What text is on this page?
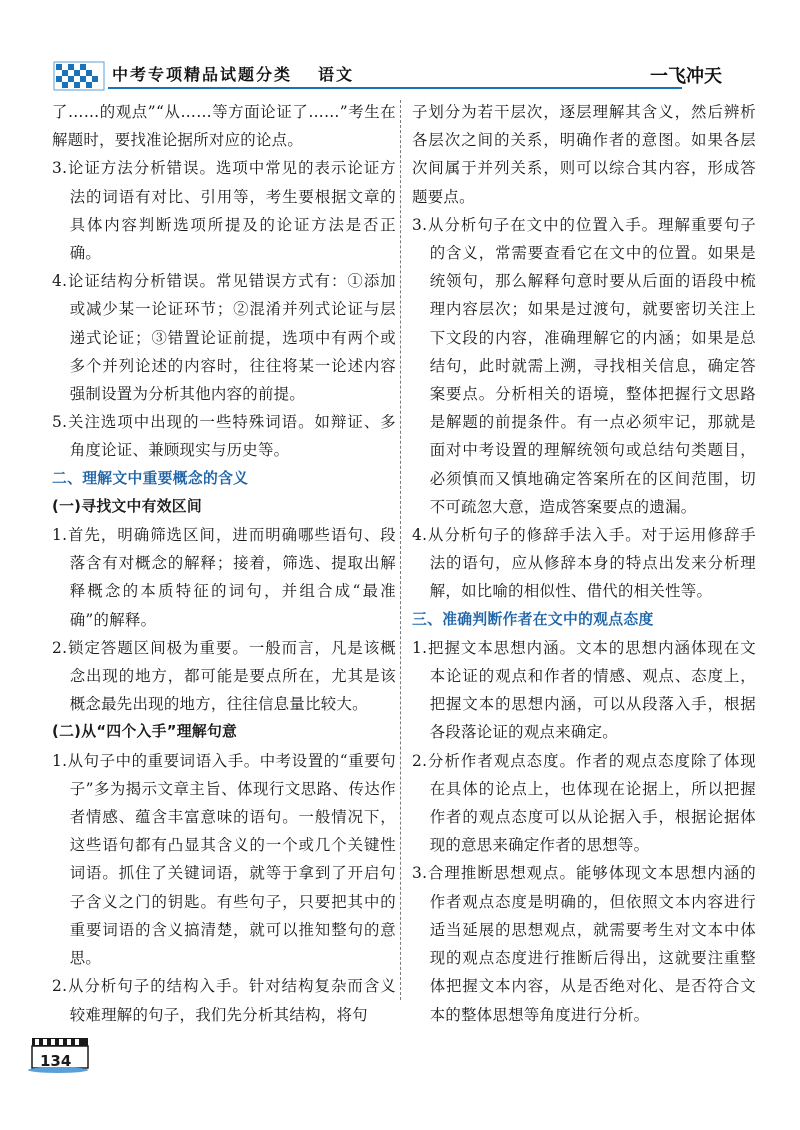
中考专项精品试题分类 语文	一飞冲天

了……的观点”“从……等方面论证了……”考生在解题时，要找准论据所对应的论点。

3.论证方法分析错误。选项中常见的表示论证方法的词语有对比、引用等，考生要根据文章的具体内容判断选项所提及的论证方法是否正确。

4.论证结构分析错误。常见错误方式有：①添加或减少某一论证环节；②混淆并列式论证与层递式论证；③错置论证前提，选项中有两个或多个并列论述的内容时，往往将某一论述内容强制设置为分析其他内容的前提。

5.关注选项中出现的一些特殊词语。如辩证、多角度论证、兼顾现实与历史等。

二、理解文中重要概念的含义

(一)寻找文中有效区间

1.首先，明确筛选区间，进而明确哪些语句、段落含有对概念的解释；接着，筛选、提取出解释概念的本质特征的词句，并组合成“最准确”的解释。

2.锁定答题区间极为重要。一般而言，凡是该概念出现的地方，都可能是要点所在，尤其是该概念最先出现的地方，往往信息量比较大。

(二)从“四个入手”理解句意

1.从句子中的重要词语入手。中考设置的“重要句子”多为揭示文章主旨、体现行文思路、传达作者情感、蕴含丰富意味的语句。一般情况下，这些语句都有凸显其含义的一个或几个关键性词语。抓住了关键词语，就等于拿到了开启句子含义之门的钥匙。有些句子，只要把其中的重要词语的含义搞清楚，就可以推知整句的意思。

2.从分析句子的结构入手。针对结构复杂而含义较难理解的句子，我们先分析其结构，将句

子划分为若干层次，逐层理解其含义，然后辨析各层次之间的关系，明确作者的意图。如果各层次间属于并列关系，则可以综合其内容，形成答题要点。

3.从分析句子在文中的位置入手。理解重要句子的含义，常需要查看它在文中的位置。如果是统领句，那么解释句意时要从后面的语段中梳理内容层次；如果是过渡句，就要密切关注上下文段的内容，准确理解它的内涵；如果是总结句，此时就需上溯，寻找相关信息，确定答案要点。分析相关的语境，整体把握行文思路是解题的前提条件。有一点必须牢记，那就是面对中考设置的理解统领句或总结句类题目，必须慎而又慎地确定答案所在的区间范围，切不可疏忽大意，造成答案要点的遗漏。

4.从分析句子的修辞手法入手。对于运用修辞手法的语句，应从修辞本身的特点出发来分析理解，如比喻的相似性、借代的相关性等。

三、准确判断作者在文中的观点态度

1.把握文本思想内涵。文本的思想内涵体现在文本论证的观点和作者的情感、观点、态度上，把握文本的思想内涵，可以从段落入手，根据各段落论证的观点来确定。

2.分析作者观点态度。作者的观点态度除了体现在具体的论点上，也体现在论据上，所以把握作者的观点态度可以从论据入手，根据论据体现的意思来确定作者的思想等。

3.合理推断思想观点。能够体现文本思想内涵的作者观点态度是明确的，但依照文本内容进行适当延展的思想观点，就需要考生对文本中体现的观点态度进行推断后得出，这就要注重整体把握文本内容，从是否绝对化、是否符合文本的整体思想等角度进行分析。

134
